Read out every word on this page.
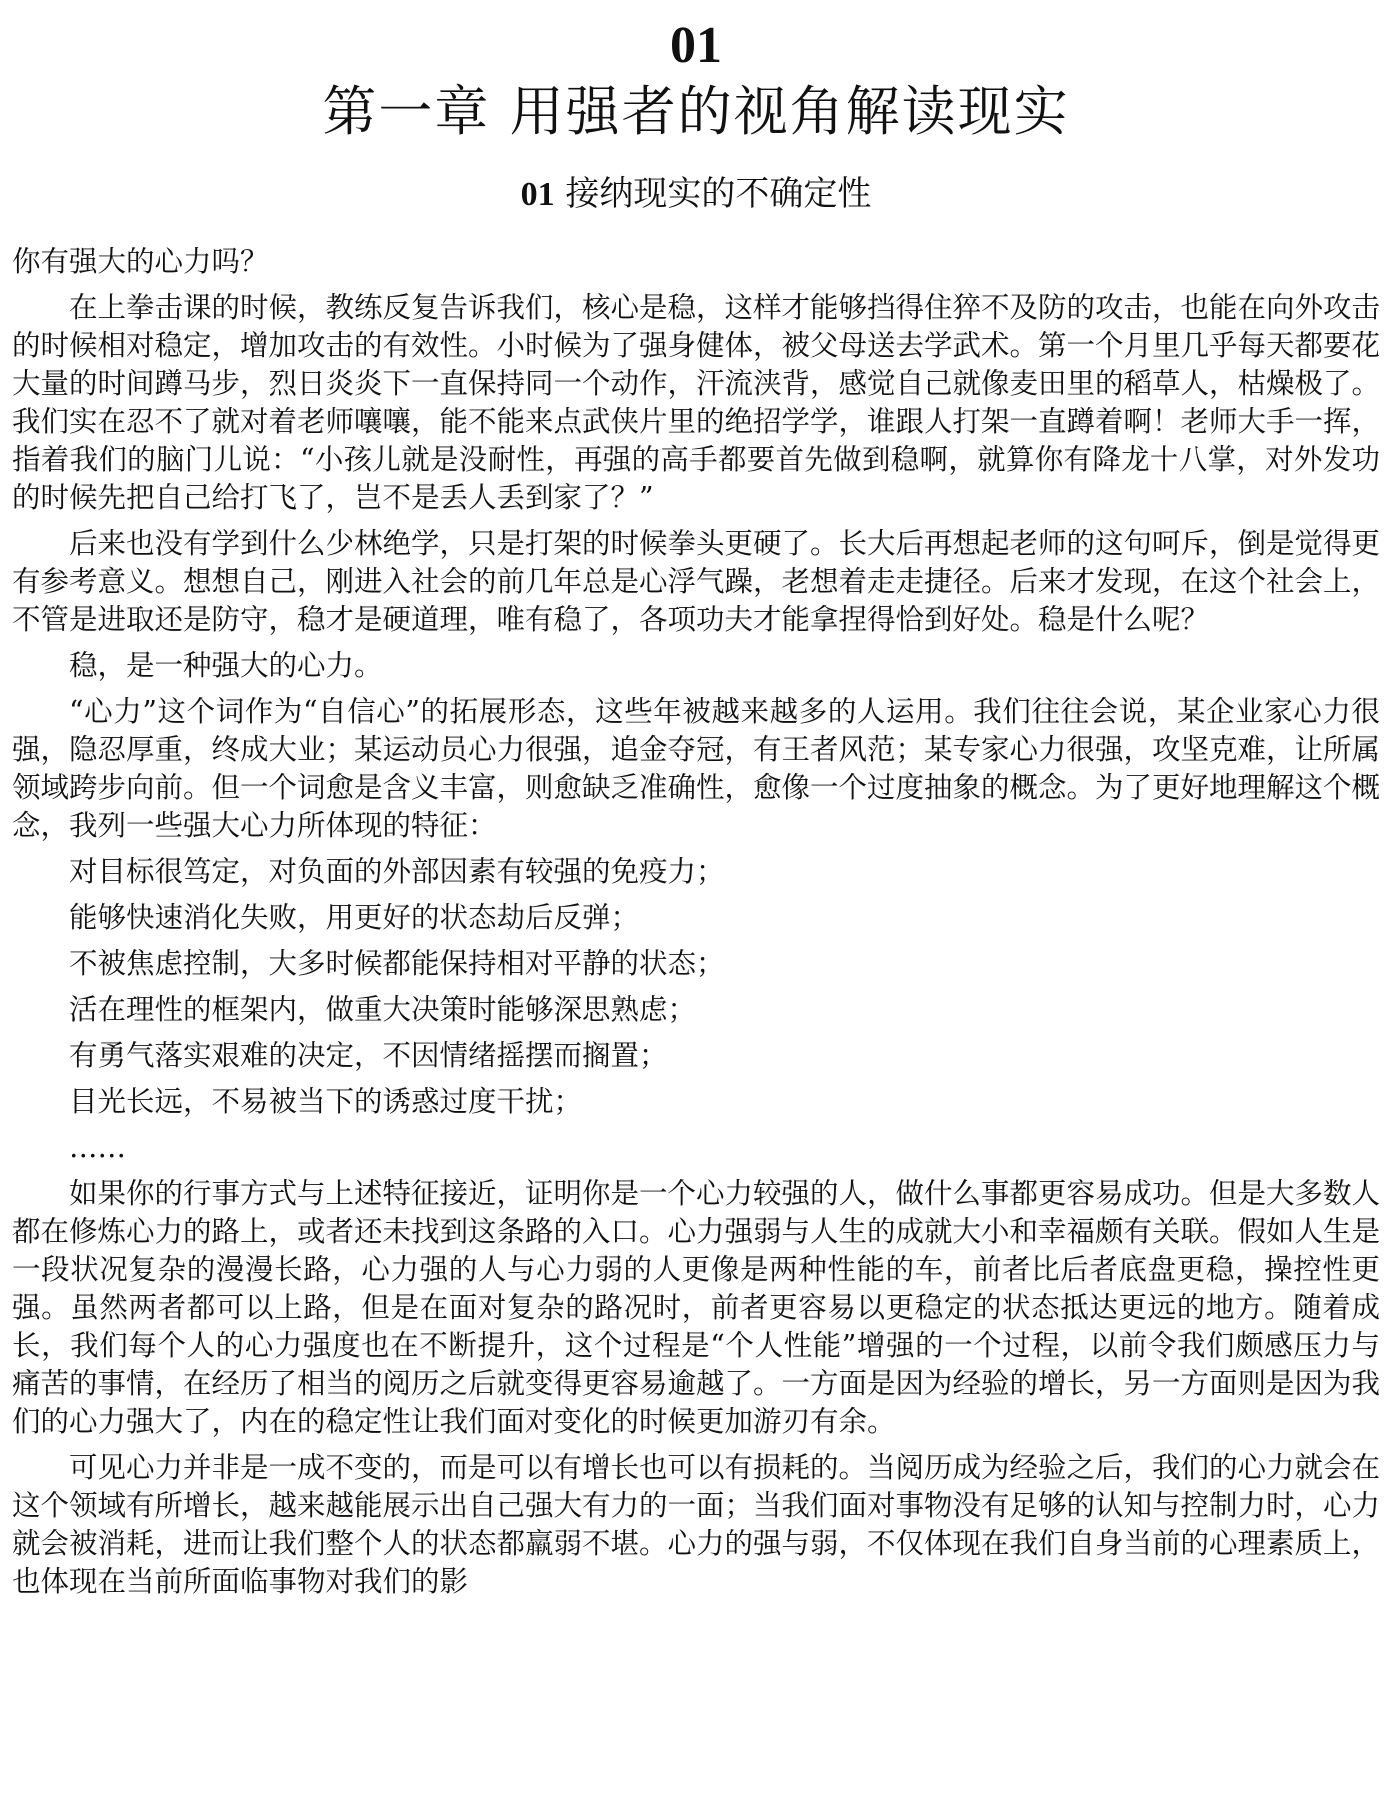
01
第一章 用强者的视角解读现实
01 接纳现实的不确定性

你有强大的心力吗？

在上拳击课的时候，教练反复告诉我们，核心是稳，这样才能够挡得住猝不及防的攻击，也能在向外攻击的时候相对稳定，增加攻击的有效性。小时候为了强身健体，被父母送去学武术。第一个月里几乎每天都要花大量的时间蹲马步，烈日炎炎下一直保持同一个动作，汗流浃背，感觉自己就像麦田里的稻草人，枯燥极了。我们实在忍不了就对着老师嚷嚷，能不能来点武侠片里的绝招学学，谁跟人打架一直蹲着啊！老师大手一挥，指着我们的脑门儿说：“小孩儿就是没耐性，再强的高手都要首先做到稳啊，就算你有降龙十八掌，对外发功的时候先把自己给打飞了，岂不是丢人丢到家了？”

后来也没有学到什么少林绝学，只是打架的时候拳头更硬了。长大后再想起老师的这句呵斥，倒是觉得更有参考意义。想想自己，刚进入社会的前几年总是心浮气躁，老想着走走捷径。后来才发现，在这个社会上，不管是进取还是防守，稳才是硬道理，唯有稳了，各项功夫才能拿捏得恰到好处。稳是什么呢？

稳，是一种强大的心力。

“心力”这个词作为“自信心”的拓展形态，这些年被越来越多的人运用。我们往往会说，某企业家心力很强，隐忍厚重，终成大业；某运动员心力很强，追金夺冠，有王者风范；某专家心力很强，攻坚克难，让所属领域跨步向前。但一个词愈是含义丰富，则愈缺乏准确性，愈像一个过度抽象的概念。为了更好地理解这个概念，我列一些强大心力所体现的特征：

对目标很笃定，对负面的外部因素有较强的免疫力；

能够快速消化失败，用更好的状态劫后反弹；

不被焦虑控制，大多时候都能保持相对平静的状态；

活在理性的框架内，做重大决策时能够深思熟虑；

有勇气落实艰难的决定，不因情绪摇摆而搁置；

目光长远，不易被当下的诱惑过度干扰；

……

如果你的行事方式与上述特征接近，证明你是一个心力较强的人，做什么事都更容易成功。但是大多数人都在修炼心力的路上，或者还未找到这条路的入口。心力强弱与人生的成就大小和幸福颇有关联。假如人生是一段状况复杂的漫漫长路，心力强的人与心力弱的人更像是两种性能的车，前者比后者底盘更稳，操控性更强。虽然两者都可以上路，但是在面对复杂的路况时，前者更容易以更稳定的状态抵达更远的地方。随着成长，我们每个人的心力强度也在不断提升，这个过程是“个人性能”增强的一个过程，以前令我们颇感压力与痛苦的事情，在经历了相当的阅历之后就变得更容易逾越了。一方面是因为经验的增长，另一方面则是因为我们的心力强大了，内在的稳定性让我们面对变化的时候更加游刃有余。

可见心力并非是一成不变的，而是可以有增长也可以有损耗的。当阅历成为经验之后，我们的心力就会在这个领域有所增长，越来越能展示出自己强大有力的一面；当我们面对事物没有足够的认知与控制力时，心力就会被消耗，进而让我们整个人的状态都羸弱不堪。心力的强与弱，不仅体现在我们自身当前的心理素质上，也体现在当前所面临事物对我们的影
